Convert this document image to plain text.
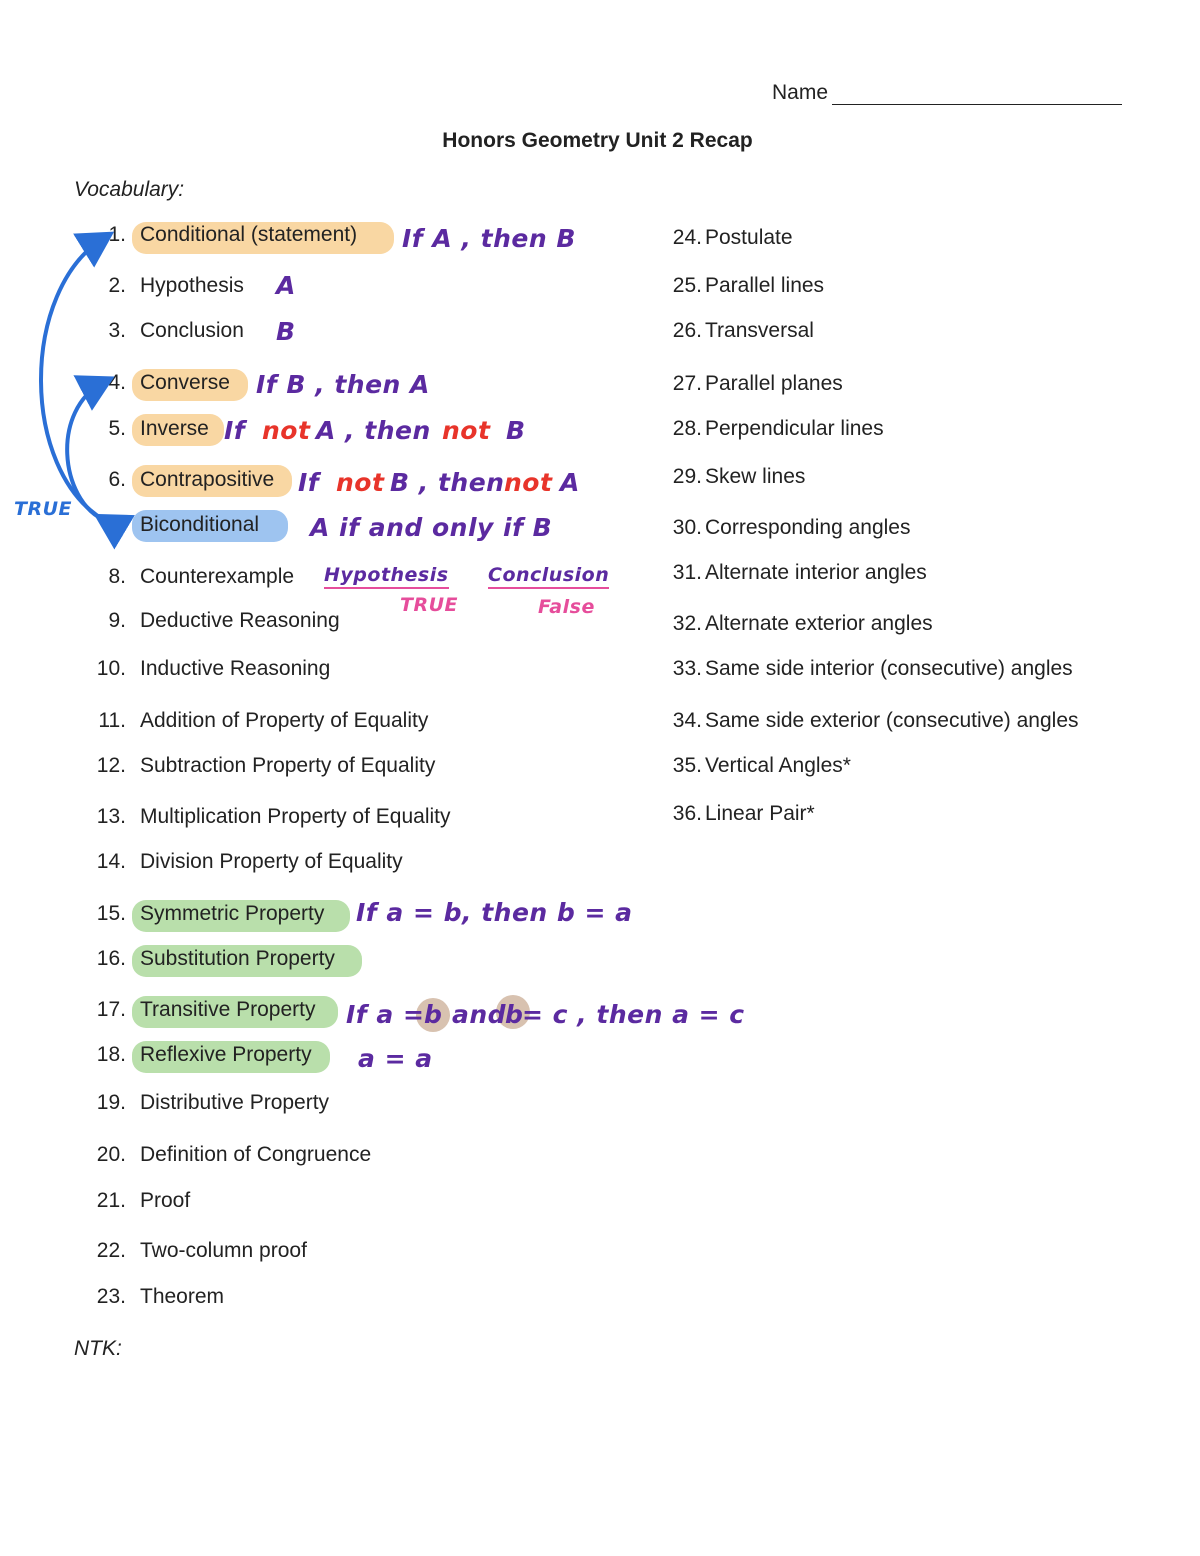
Name
Honors Geometry Unit 2 Recap
Vocabulary:
1. Conditional (statement)
2. Hypothesis
3. Conclusion
4. Converse
5. Inverse
6. Contrapositive
7. Biconditional
8. Counterexample
9. Deductive Reasoning
10. Inductive Reasoning
11. Addition of Property of Equality
12. Subtraction Property of Equality
13. Multiplication Property of Equality
14. Division Property of Equality
15. Symmetric Property
16. Substitution Property
17. Transitive Property
18. Reflexive Property
19. Distributive Property
20. Definition of Congruence
21. Proof
22. Two-column proof
23. Theorem
24. Postulate
25. Parallel lines
26. Transversal
27. Parallel planes
28. Perpendicular lines
29. Skew lines
30. Corresponding angles
31. Alternate interior angles
32. Alternate exterior angles
33. Same side interior (consecutive) angles
34. Same side exterior (consecutive) angles
35. Vertical Angles*
36. Linear Pair*
NTK:
If A , then B
A
B
If B , then A
If not A , then not B
If not B , then not A
A if and only if B
Hypothesis
TRUE
Conclusion
False
TRUE
If a = b, then b = a
If a = b and
b
= c , then a = c
a = a
